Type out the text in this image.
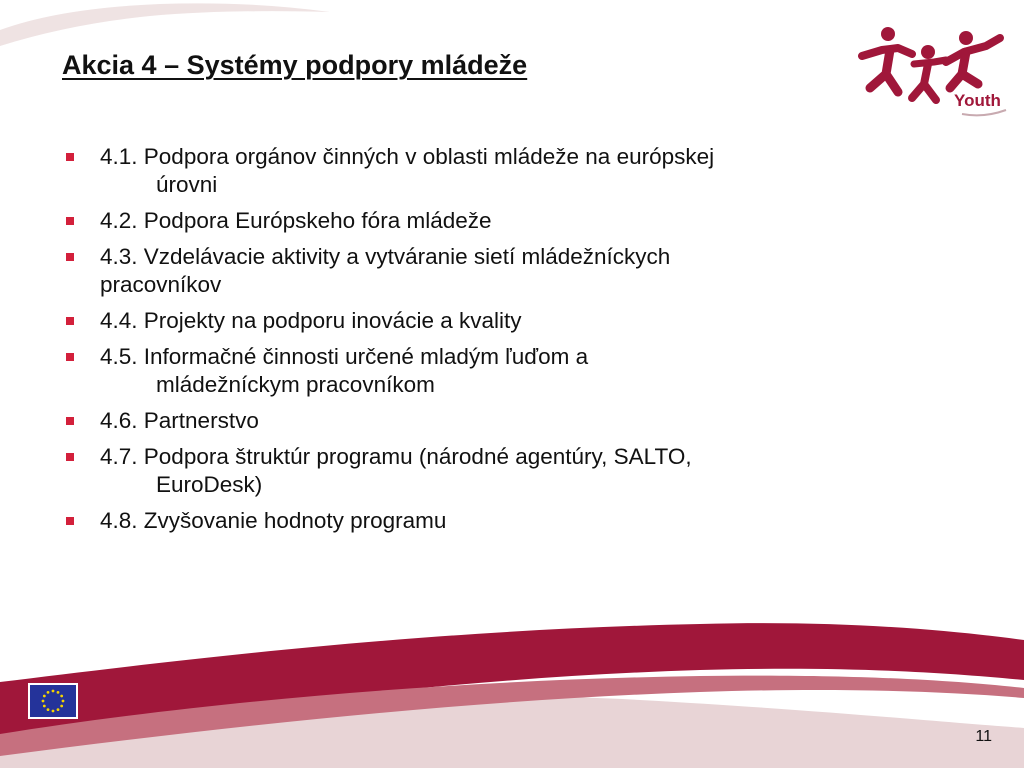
Akcia 4 – Systémy podpory mládeže
Youth
4.1. Podpora orgánov činných v oblasti mládeže na európskej
úrovni
4.2. Podpora Európskeho fóra mládeže
4.3. Vzdelávacie aktivity a vytváranie sietí mládežníckych
pracovníkov
4.4. Projekty na podporu inovácie a kvality
4.5. Informačné činnosti určené mladým ľuďom a
mládežníckym pracovníkom
4.6. Partnerstvo
4.7. Podpora štruktúr programu (národné agentúry, SALTO,
EuroDesk)
4.8. Zvyšovanie hodnoty programu
11
